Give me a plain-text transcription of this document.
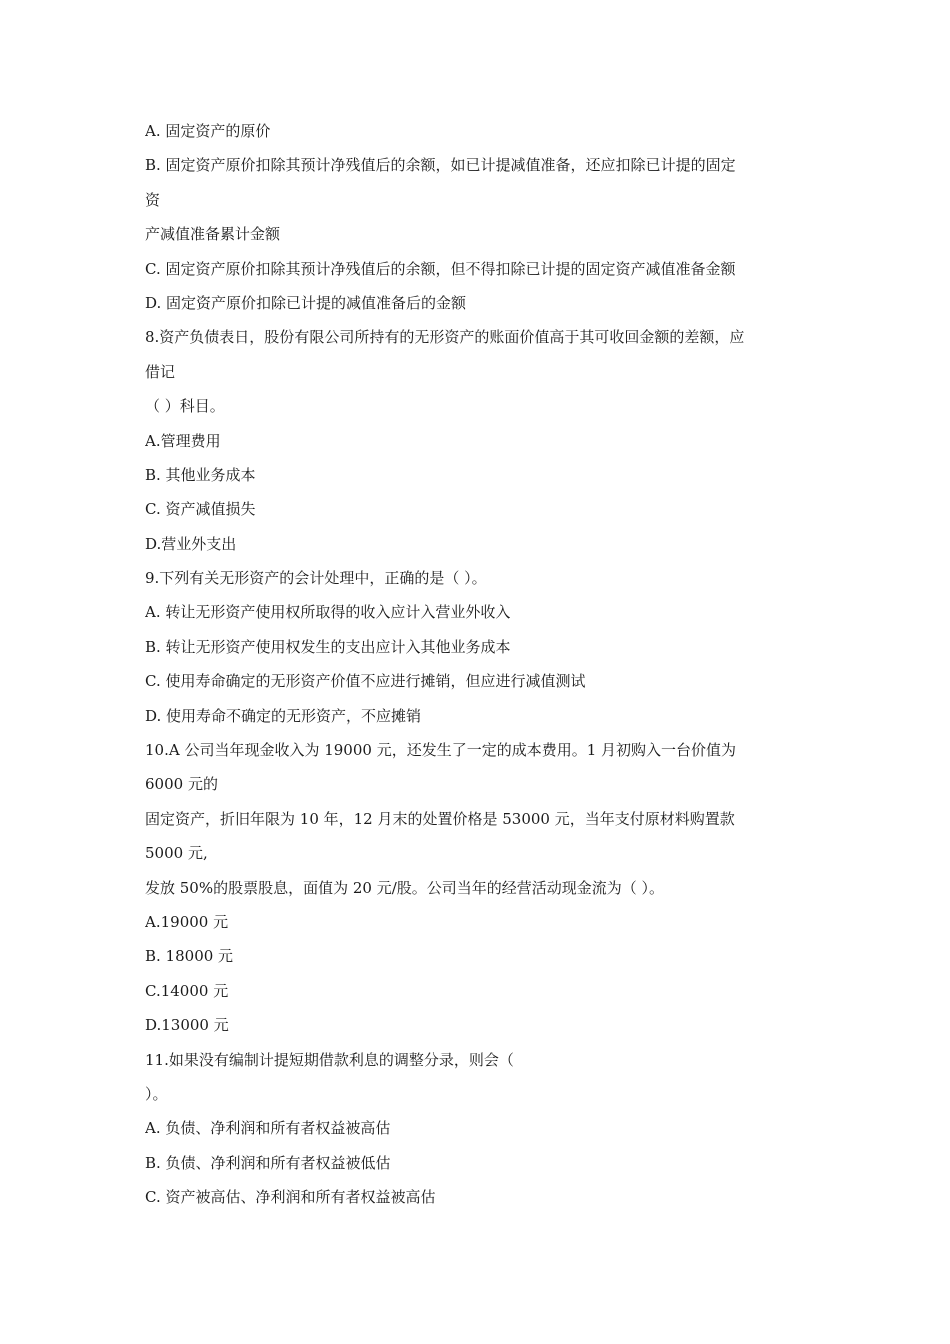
A. 固定资产的原价
B. 固定资产原价扣除其预计净残值后的余额，如已计提减值准备，还应扣除已计提的固定
资
产减值准备累计金额
C. 固定资产原价扣除其预计净残值后的余额，但不得扣除已计提的固定资产减值准备金额
D. 固定资产原价扣除已计提的减值准备后的金额
8.资产负债表日，股份有限公司所持有的无形资产的账面价值高于其可收回金额的差额，应
借记
（ ）科目。
A.管理费用
B. 其他业务成本
C. 资产减值损失
D.营业外支出
9.下列有关无形资产的会计处理中，正确的是（ ）。
A. 转让无形资产使用权所取得的收入应计入营业外收入
B. 转让无形资产使用权发生的支出应计入其他业务成本
C. 使用寿命确定的无形资产价值不应进行摊销，但应进行减值测试
D. 使用寿命不确定的无形资产，不应摊销
10.A 公司当年现金收入为 19000 元，还发生了一定的成本费用。1 月初购入一台价值为
6000 元的
固定资产，折旧年限为 10 年，12 月末的处置价格是 53000 元，当年支付原材料购置款
5000 元,
发放 50%的股票股息，面值为 20 元/股。公司当年的经营活动现金流为（ ）。
A.19000 元
B. 18000 元
C.14000 元
D.13000 元
11.如果没有编制计提短期借款利息的调整分录，则会（
）。
A. 负债、净利润和所有者权益被高估
B. 负债、净利润和所有者权益被低估
C. 资产被高估、净利润和所有者权益被高估
